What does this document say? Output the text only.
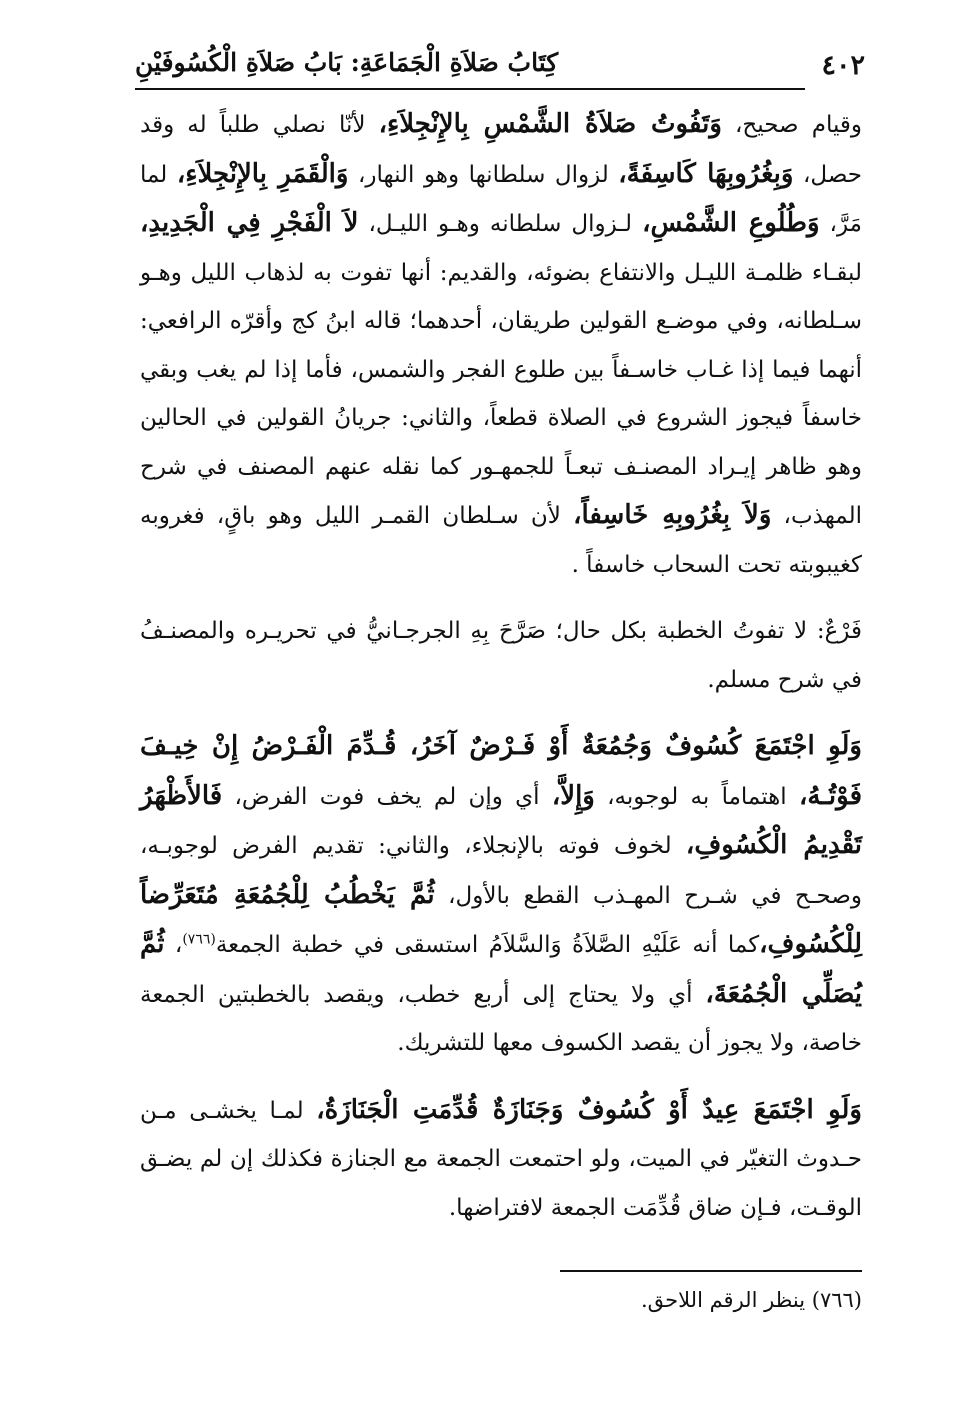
٤٠٢
كِتَابُ صَلاَةِ الْجَمَاعَةِ: بَابُ صَلاَةِ الْكُسُوفَيْنِ

وقيام صحيح، وَتَفُوتُ صَلاَةُ الشَّمْسِ بِالإِنْجِلاَءِ، لأنّا نصلي طلباً له وقد حصل، وَبِغُرُوبِهَا كَاسِفَةً، لزوال سلطانها وهو النهار، وَالْقَمَرِ بِالإِنْجِلاَءِ، لما مَرَّ، وَطُلُوعِ الشَّمْسِ، لـزوال سلطانه وهـو الليـل، لاَ الْفَجْرِ فِي الْجَدِيدِ، لبقـاء ظلمـة الليـل والانتفاع بضوئه، والقديم: أنها تفوت به لذهاب الليل وهـو سـلطانه، وفي موضـع القولين طريقان، أحدهما؛ قاله ابنُ كج وأقرّه الرافعي: أنهما فيما إذا غـاب خاسـفاً بين طلوع الفجر والشمس، فأما إذا لم يغب وبقي خاسفاً فيجوز الشروع في الصلاة قطعاً، والثاني: جريانُ القولين في الحالين وهو ظاهر إيـراد المصنـف تبعـاً للجمهـور كما نقله عنهم المصنف في شرح المهذب، وَلاَ بِغُرُوبِهِ خَاسِفاً، لأن سـلطان القمـر الليل وهو باقٍ، فغروبه كغيبوبته تحت السحاب خاسفاً .

فَرْعٌ: لا تفوتُ الخطبة بكل حال؛ صَرَّحَ بِهِ الجرجـانيُّ في تحريـره والمصنـفُ في شرح مسلم.

وَلَوِ اجْتَمَعَ كُسُوفٌ وَجُمُعَةٌ أَوْ فَـرْضٌ آخَرُ، قُـدِّمَ الْفَـرْضُ إِنْ خِيـفَ فَوْتُـهُ، اهتماماً به لوجوبه، وَإِلاَّ، أي وإن لم يخف فوت الفرض، فَالأَظْهَرُ تَقْدِيمُ الْكُسُوفِ، لخوف فوته بالإنجلاء، والثاني: تقديم الفرض لوجوبـه، وصحـح في شـرح المهـذب القطع بالأول، ثُمَّ يَخْطُبُ لِلْجُمُعَةِ مُتَعَرِّضاً لِلْكُسُوفِ،كما أنه عَلَيْهِ الصَّلاَةُ وَالسَّلاَمُ استسقى في خطبة الجمعة$^{(٧٦٦)}$، ثُمَّ يُصَلِّي الْجُمُعَةَ، أي ولا يحتاج إلى أربع خطب، ويقصد بالخطبتين الجمعة خاصة، ولا يجوز أن يقصد الكسوف معها للتشريك.

وَلَوِ اجْتَمَعَ عِيدٌ أَوْ كُسُوفٌ وَجَنَازَةٌ قُدِّمَتِ الْجَنَازَةُ، لمـا يخشـى مـن حـدوث التغيّر في الميت، ولو احتمعت الجمعة مع الجنازة فكذلك إن لم يضـق الوقـت، فـإن ضاق قُدِّمَت الجمعة لافتراضها.

(٧٦٦) ينظر الرقم اللاحق.
